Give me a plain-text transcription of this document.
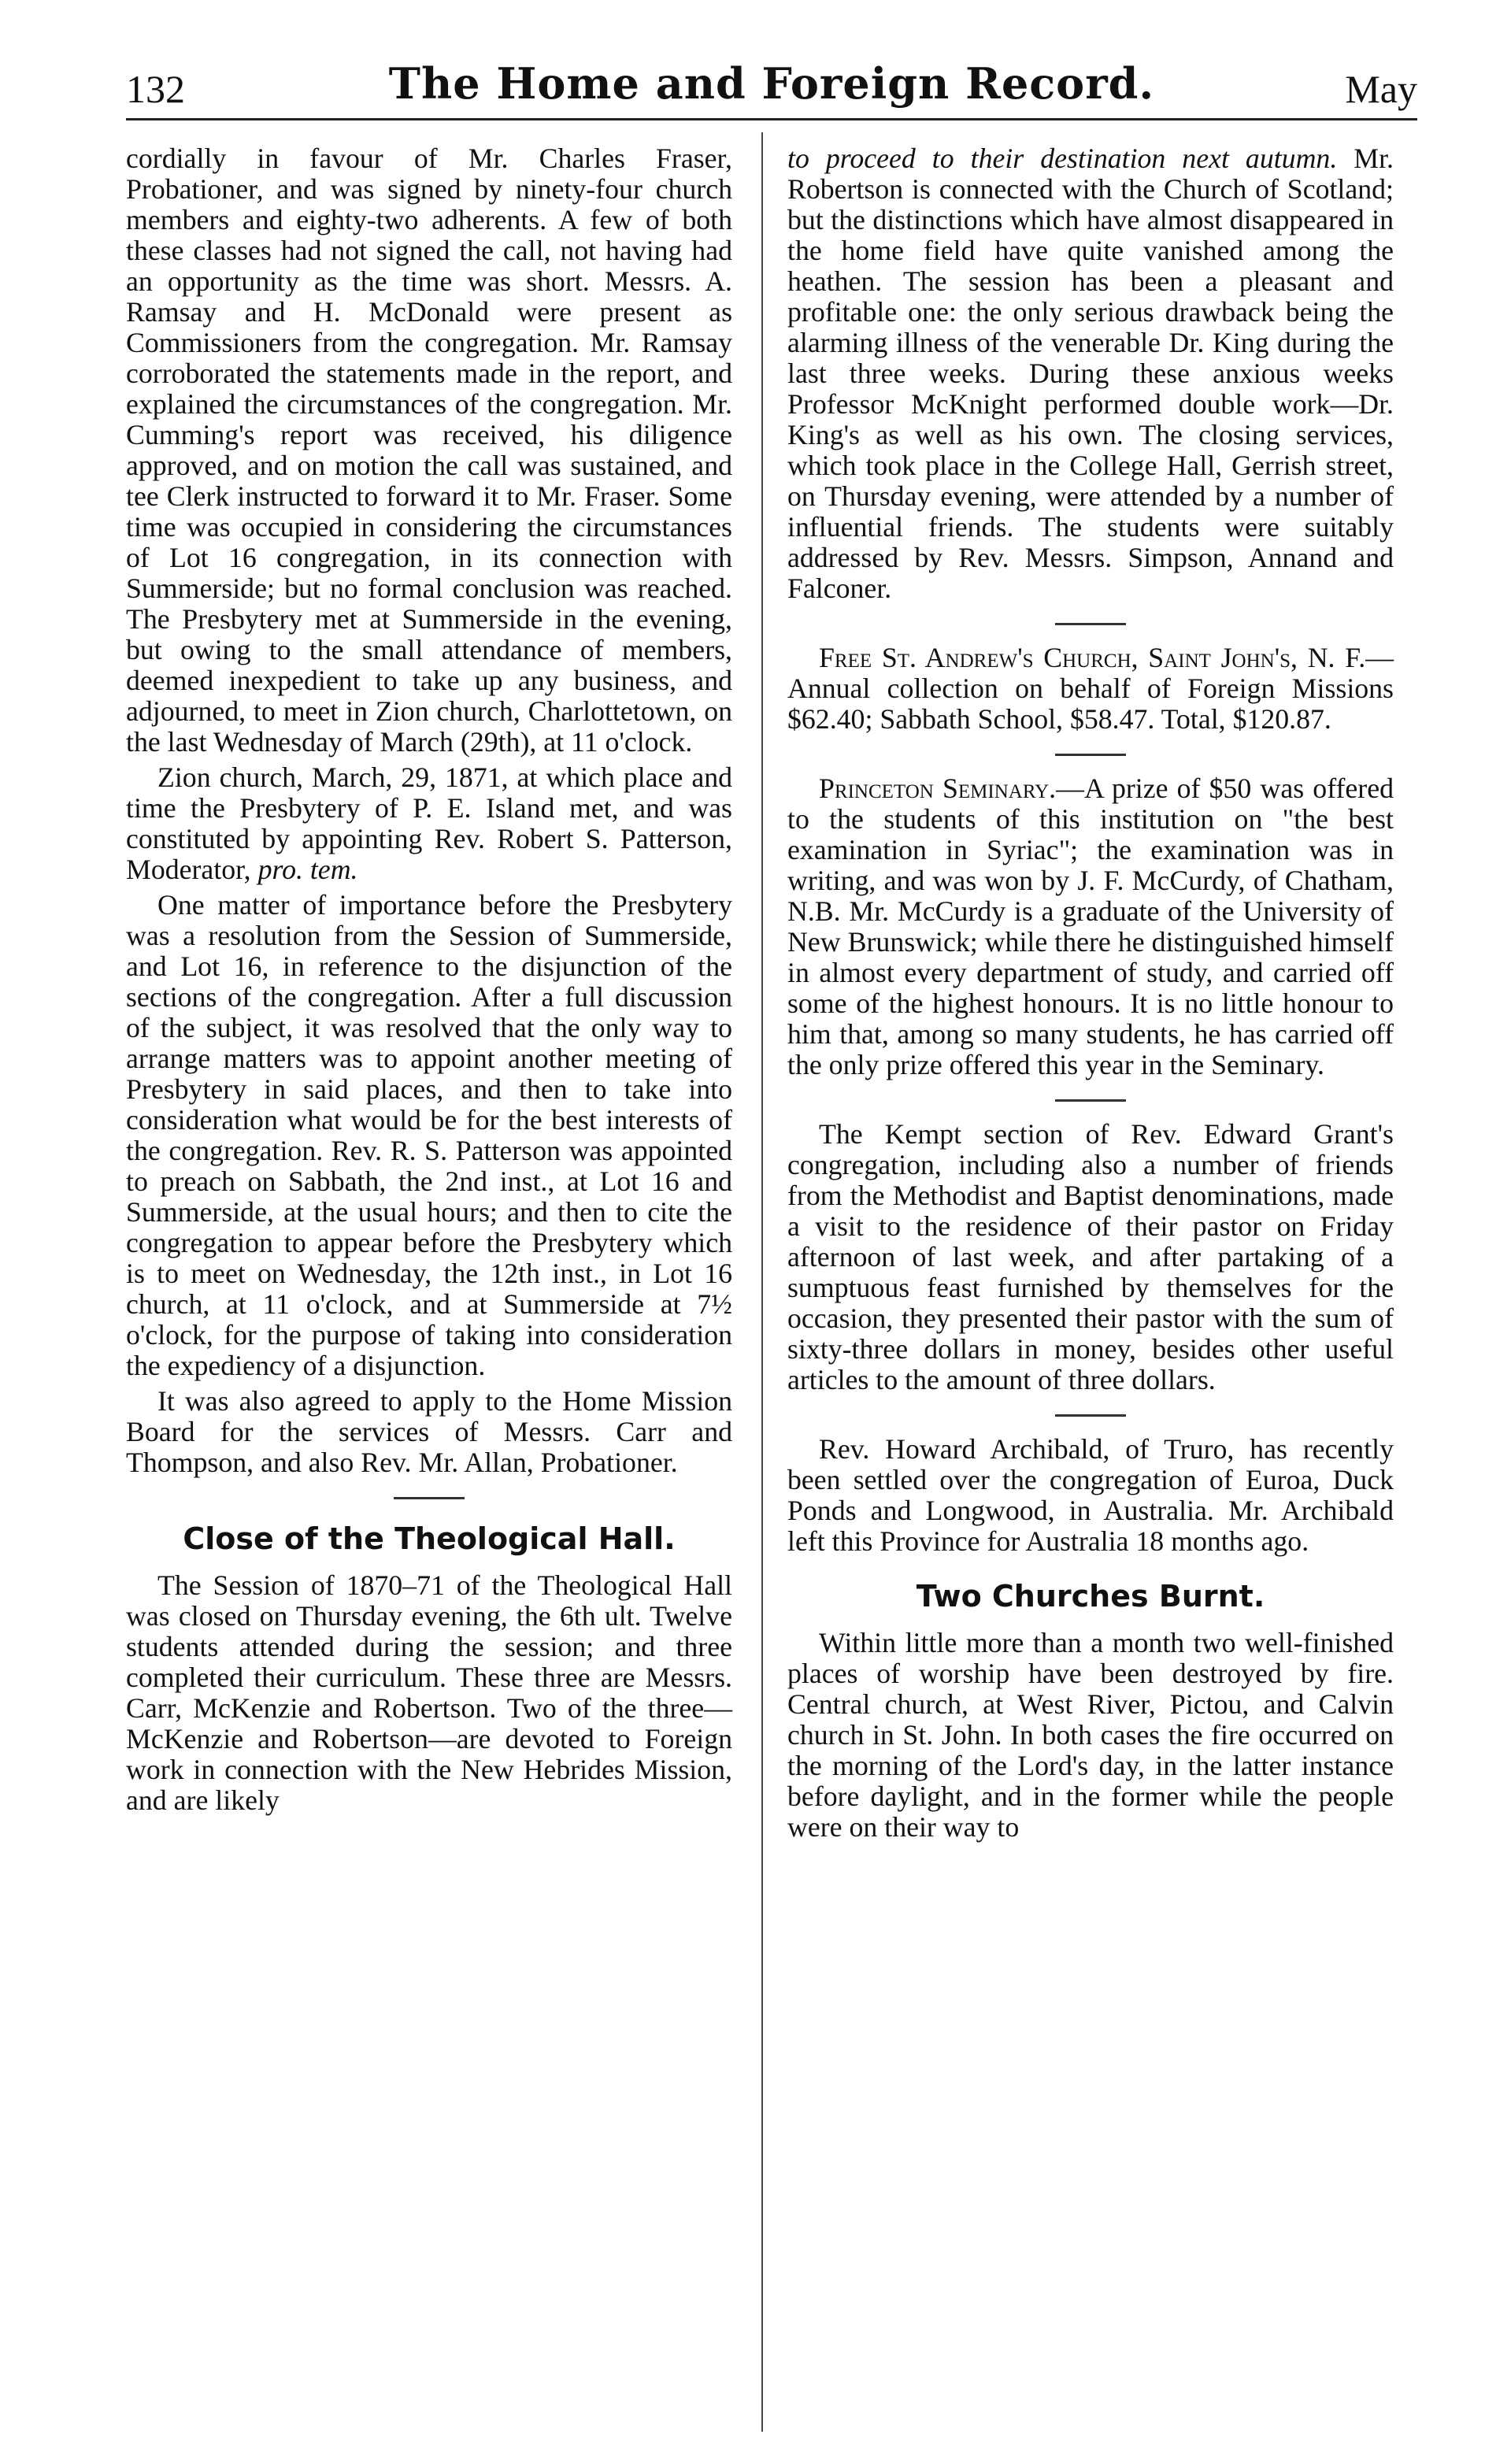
132	The Home and Foreign Record.	May

cordially in favour of Mr. Charles Fraser, Probationer, and was signed by ninety-four church members and eighty-two adherents. A few of both these classes had not signed the call, not having had an opportunity as the time was short. Messrs. A. Ramsay and H. McDonald were present as Commissioners from the congregation. Mr. Ramsay corroborated the statements made in the report, and explained the circumstances of the congregation. Mr. Cumming's report was received, his diligence approved, and on motion the call was sustained, and tee Clerk instructed to forward it to Mr. Fraser. Some time was occupied in considering the circumstances of Lot 16 congregation, in its connection with Summerside; but no formal conclusion was reached. The Presbytery met at Summerside in the evening, but owing to the small attendance of members, deemed inexpedient to take up any business, and adjourned, to meet in Zion church, Charlottetown, on the last Wednesday of March (29th), at 11 o'clock.

Zion church, March, 29, 1871, at which place and time the Presbytery of P. E. Island met, and was constituted by appointing Rev. Robert S. Patterson, Moderator, pro. tem.

One matter of importance before the Presbytery was a resolution from the Session of Summerside, and Lot 16, in reference to the disjunction of the sections of the congregation. After a full discussion of the subject, it was resolved that the only way to arrange matters was to appoint another meeting of Presbytery in said places, and then to take into consideration what would be for the best interests of the congregation. Rev. R. S. Patterson was appointed to preach on Sabbath, the 2nd inst., at Lot 16 and Summerside, at the usual hours; and then to cite the congregation to appear before the Presbytery which is to meet on Wednesday, the 12th inst., in Lot 16 church, at 11 o'clock, and at Summerside at 7½ o'clock, for the purpose of taking into consideration the expediency of a disjunction.

It was also agreed to apply to the Home Mission Board for the services of Messrs. Carr and Thompson, and also Rev. Mr. Allan, Probationer.

Close of the Theological Hall.

The Session of 1870–71 of the Theological Hall was closed on Thursday evening, the 6th ult. Twelve students attended during the session; and three completed their curriculum. These three are Messrs. Carr, McKenzie and Robertson. Two of the three—McKenzie and Robertson—are devoted to Foreign work in connection with the New Hebrides Mission, and are likely

to proceed to their destination next autumn. Mr. Robertson is connected with the Church of Scotland; but the distinctions which have almost disappeared in the home field have quite vanished among the heathen. The session has been a pleasant and profitable one: the only serious drawback being the alarming illness of the venerable Dr. King during the last three weeks. During these anxious weeks Professor McKnight performed double work—Dr. King's as well as his own. The closing services, which took place in the College Hall, Gerrish street, on Thursday evening, were attended by a number of influential friends. The students were suitably addressed by Rev. Messrs. Simpson, Annand and Falconer.

Free St. Andrew's Church, Saint John's, N. F.—Annual collection on behalf of Foreign Missions $62.40; Sabbath School, $58.47. Total, $120.87.

Princeton Seminary.—A prize of $50 was offered to the students of this institution on "the best examination in Syriac"; the examination was in writing, and was won by J. F. McCurdy, of Chatham, N.B. Mr. McCurdy is a graduate of the University of New Brunswick; while there he distinguished himself in almost every department of study, and carried off some of the highest honours. It is no little honour to him that, among so many students, he has carried off the only prize offered this year in the Seminary.

The Kempt section of Rev. Edward Grant's congregation, including also a number of friends from the Methodist and Baptist denominations, made a visit to the residence of their pastor on Friday afternoon of last week, and after partaking of a sumptuous feast furnished by themselves for the occasion, they presented their pastor with the sum of sixty-three dollars in money, besides other useful articles to the amount of three dollars.

Rev. Howard Archibald, of Truro, has recently been settled over the congregation of Euroa, Duck Ponds and Longwood, in Australia. Mr. Archibald left this Province for Australia 18 months ago.

Two Churches Burnt.

Within little more than a month two well-finished places of worship have been destroyed by fire. Central church, at West River, Pictou, and Calvin church in St. John. In both cases the fire occurred on the morning of the Lord's day, in the latter instance before daylight, and in the former while the people were on their way to
